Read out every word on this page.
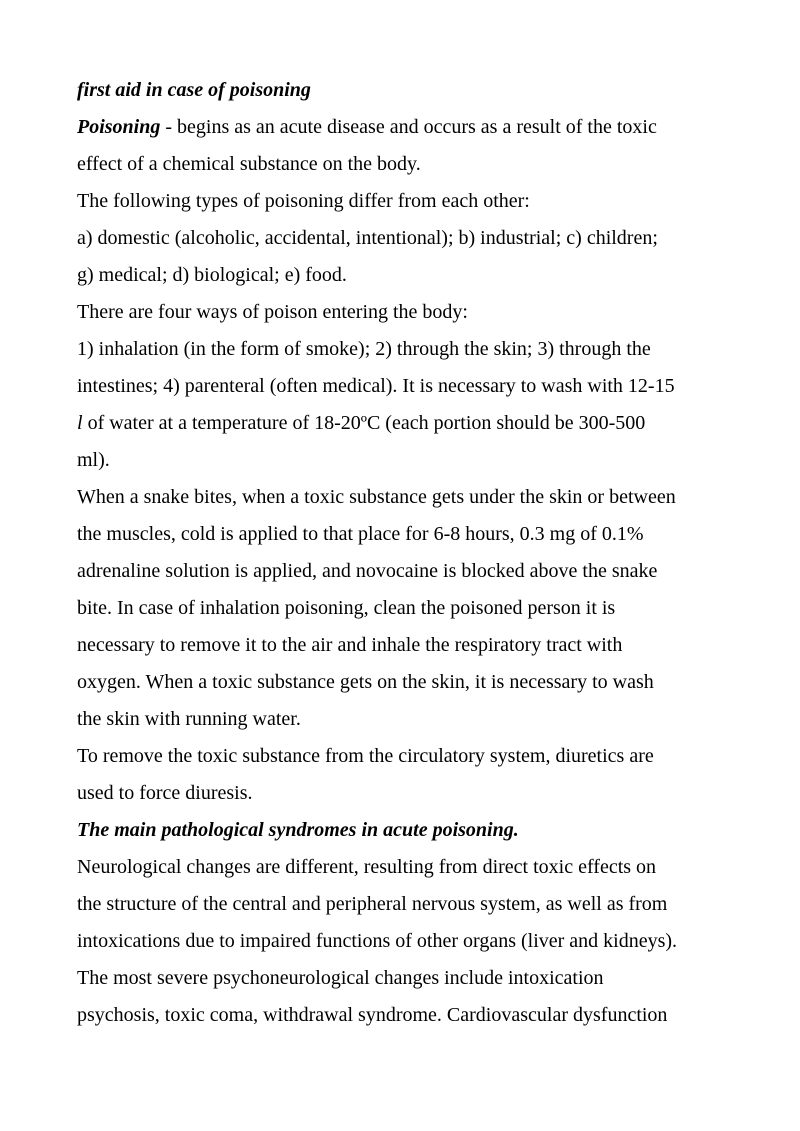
first aid in case of poisoning
Poisoning - begins as an acute disease and occurs as a result of the toxic
effect of a chemical substance on the body.
The following types of poisoning differ from each other:
a) domestic (alcoholic, accidental, intentional); b) industrial; c) children;
g) medical; d) biological; e) food.
There are four ways of poison entering the body:
1) inhalation (in the form of smoke); 2) through the skin; 3) through the
intestines; 4) parenteral (often medical). It is necessary to wash with 12-15
l of water at a temperature of 18-20ºC (each portion should be 300-500
ml).
When a snake bites, when a toxic substance gets under the skin or between
the muscles, cold is applied to that place for 6-8 hours, 0.3 mg of 0.1%
adrenaline solution is applied, and novocaine is blocked above the snake
bite. In case of inhalation poisoning, clean the poisoned person it is
necessary to remove it to the air and inhale the respiratory tract with
oxygen. When a toxic substance gets on the skin, it is necessary to wash
the skin with running water.
To remove the toxic substance from the circulatory system, diuretics are
used to force diuresis.
The main pathological syndromes in acute poisoning.
Neurological changes are different, resulting from direct toxic effects on
the structure of the central and peripheral nervous system, as well as from
intoxications due to impaired functions of other organs (liver and kidneys).
The most severe psychoneurological changes include intoxication
psychosis, toxic coma, withdrawal syndrome. Cardiovascular dysfunction
